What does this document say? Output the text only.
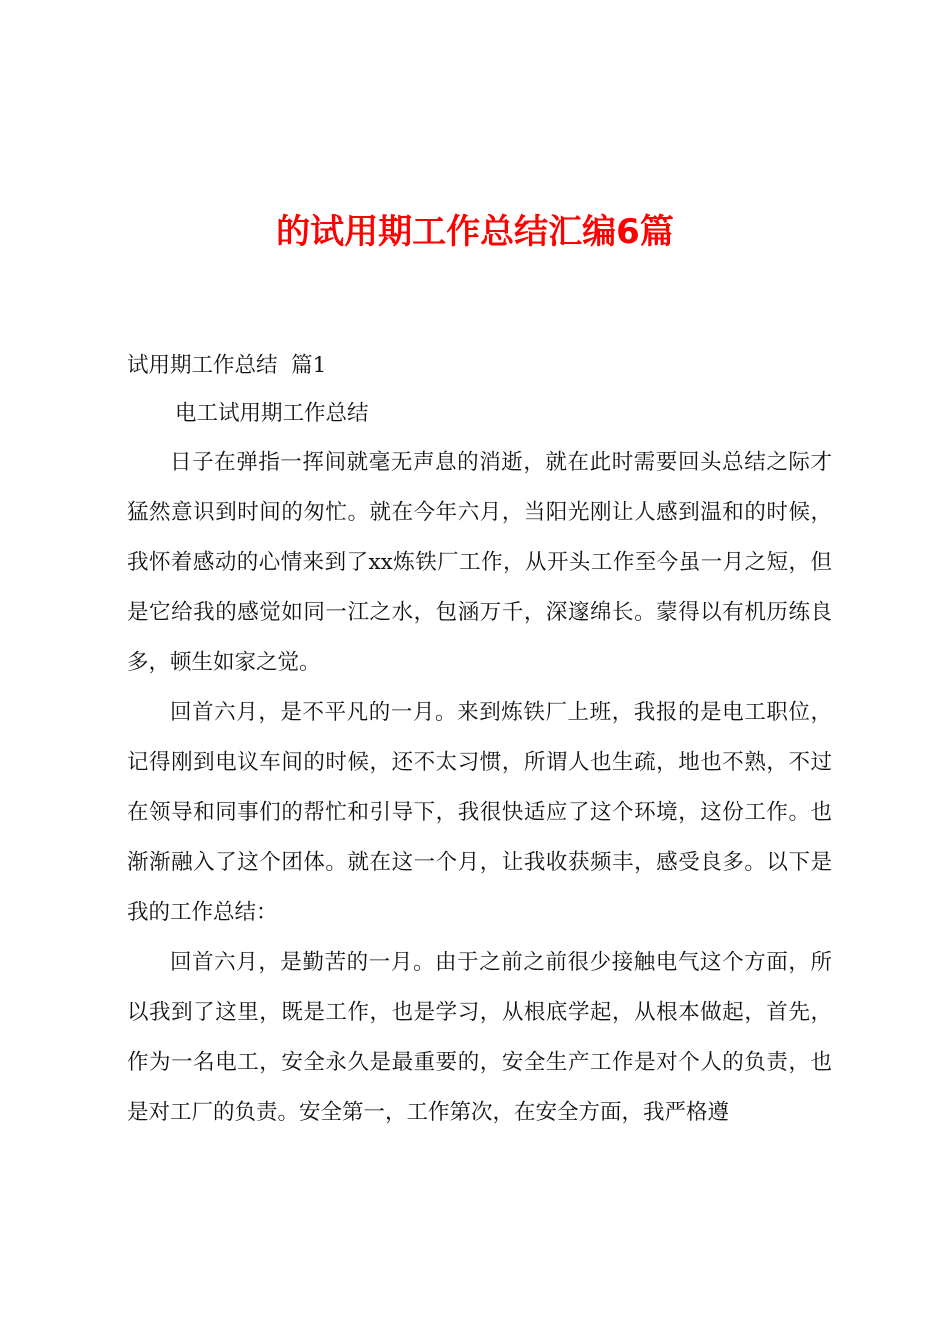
的试用期工作总结汇编6篇
试用期工作总结  篇1
电工试用期工作总结

日子在弹指一挥间就毫无声息的消逝，就在此时需要回头总结之际才猛然意识到时间的匆忙。就在今年六月，当阳光刚让人感到温和的时候，我怀着感动的心情来到了xx炼铁厂工作，从开头工作至今虽一月之短，但是它给我的感觉如同一江之水，包涵万千，深邃绵长。蒙得以有机历练良多，顿生如家之觉。

回首六月，是不平凡的一月。来到炼铁厂上班，我报的是电工职位，记得刚到电议车间的时候，还不太习惯，所谓人也生疏，地也不熟，不过在领导和同事们的帮忙和引导下，我很快适应了这个环境，这份工作。也渐渐融入了这个团体。就在这一个月，让我收获频丰，感受良多。以下是我的工作总结：

回首六月，是勤苦的一月。由于之前之前很少接触电气这个方面，所以我到了这里，既是工作，也是学习，从根底学起，从根本做起，首先，作为一名电工，安全永久是最重要的，安全生产工作是对个人的负责，也是对工厂的负责。安全第一，工作第次，在安全方面，我严格遵
